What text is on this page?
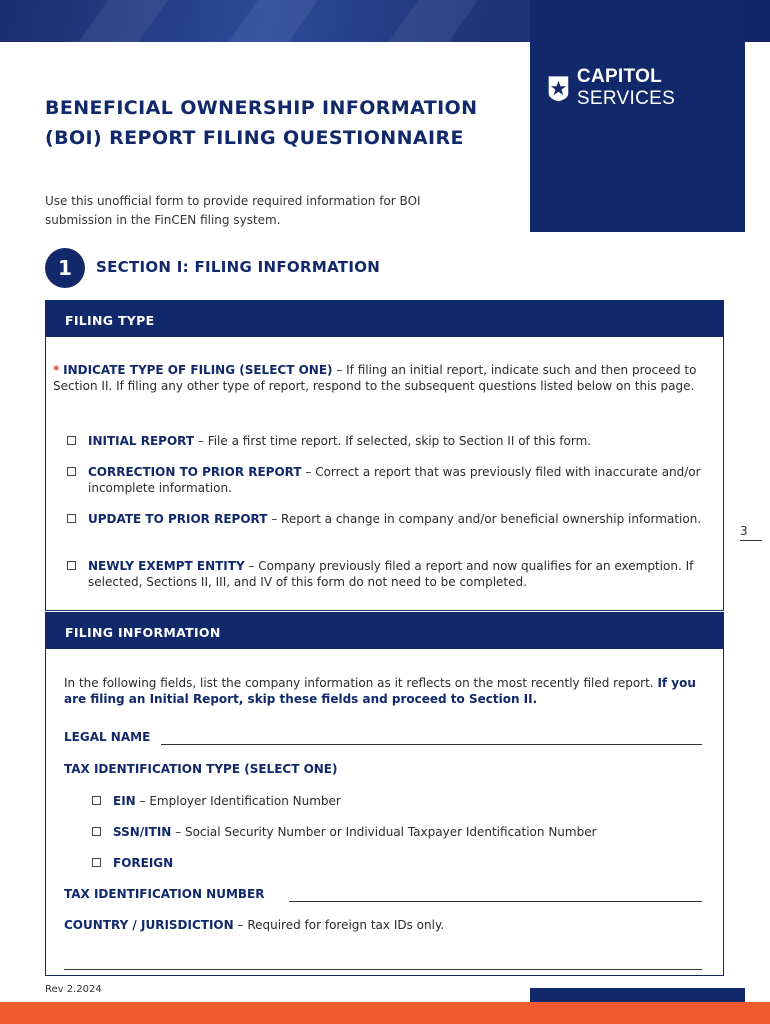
CAPITOL SERVICES
BENEFICIAL OWNERSHIP INFORMATION (BOI) REPORT FILING QUESTIONNAIRE
Use this unofficial form to provide required information for BOI submission in the FinCEN filing system.
1	SECTION I: FILING INFORMATION
FILING TYPE
* INDICATE TYPE OF FILING (SELECT ONE) – If filing an initial report, indicate such and then proceed to Section II. If filing any other type of report, respond to the subsequent questions listed below on this page.
INITIAL REPORT – File a first time report. If selected, skip to Section II of this form.
CORRECTION TO PRIOR REPORT – Correct a report that was previously filed with inaccurate and/or incomplete information.
UPDATE TO PRIOR REPORT – Report a change in company and/or beneficial ownership information.
NEWLY EXEMPT ENTITY – Company previously filed a report and now qualifies for an exemption. If selected, Sections II, III, and IV of this form do not need to be completed.
FILING INFORMATION
In the following fields, list the company information as it reflects on the most recently filed report. If you are filing an Initial Report, skip these fields and proceed to Section II.
LEGAL NAME
TAX IDENTIFICATION TYPE (SELECT ONE)
EIN – Employer Identification Number
SSN/ITIN – Social Security Number or Individual Taxpayer Identification Number
FOREIGN
TAX IDENTIFICATION NUMBER
COUNTRY / JURISDICTION – Required for foreign tax IDs only.
3
Rev 2.2024
